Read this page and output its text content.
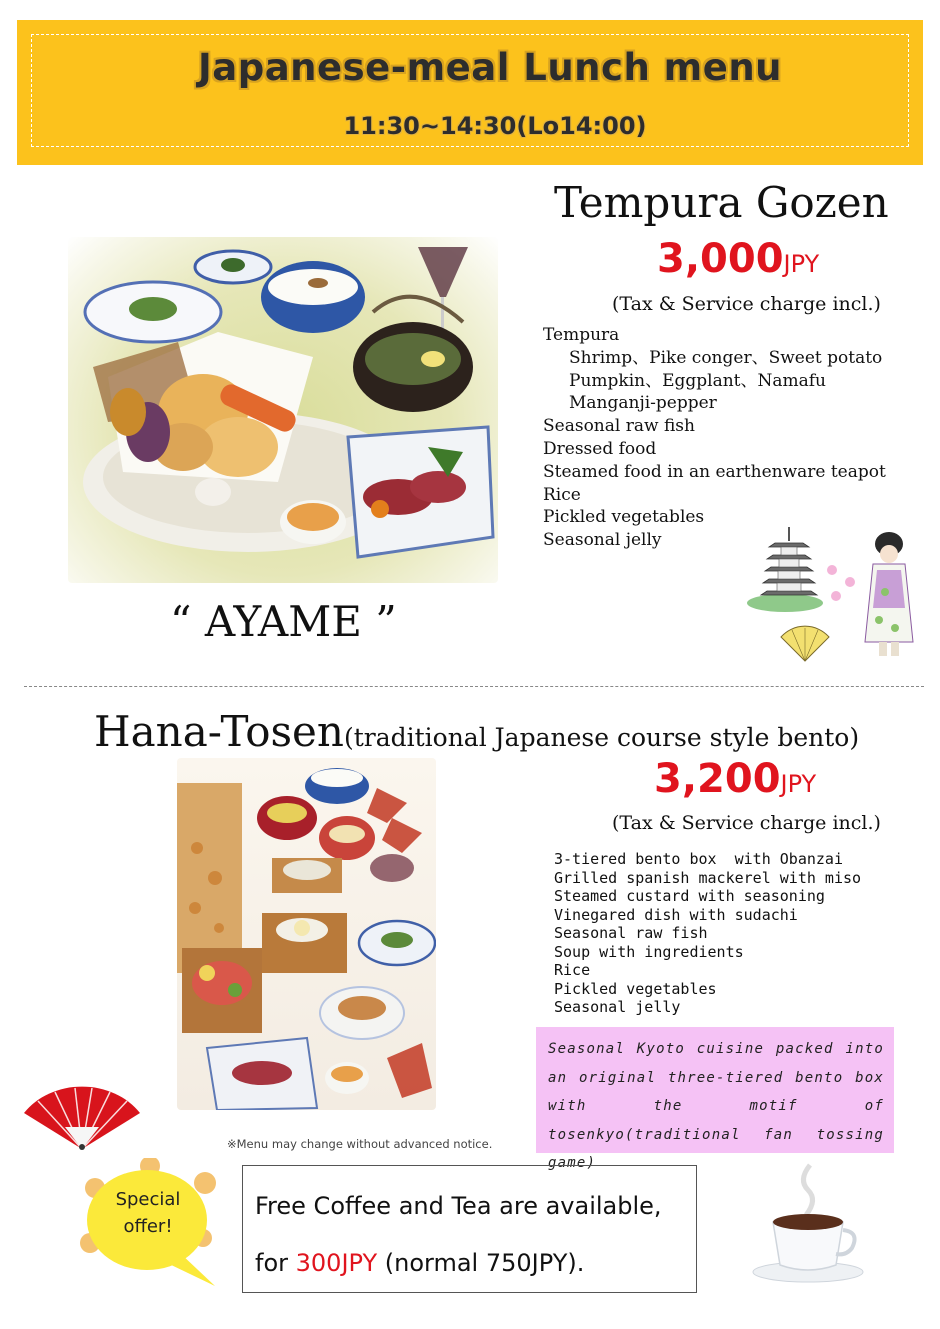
Japanese-meal Lunch menu
11:30~14:30(Lo14:00)
Tempura Gozen
3,000JPY
(Tax & Service charge incl.)
Tempura
Shrimp、Pike conger、Sweet potato
Pumpkin、Eggplant、Namafu
Manganji-pepper
Seasonal raw fish
Dressed food
Steamed food in an earthenware teapot
Rice
Pickled vegetables
Seasonal jelly
“ AYAME ”
Hana-Tosen(traditional Japanese course style bento)
3,200JPY
(Tax & Service charge incl.)
3-tiered bento box  with Obanzai
Grilled spanish mackerel with miso
Steamed custard with seasoning
Vinegared dish with sudachi
Seasonal raw fish
Soup with ingredients
Rice
Pickled vegetables
Seasonal jelly
Seasonal Kyoto cuisine packed into an original three-tiered bento box with the motif of tosenkyo(traditional fan tossing game)
※Menu may change without advanced notice.
Special
offer!
Free Coffee and Tea are available,
for 300JPY (normal 750JPY).
